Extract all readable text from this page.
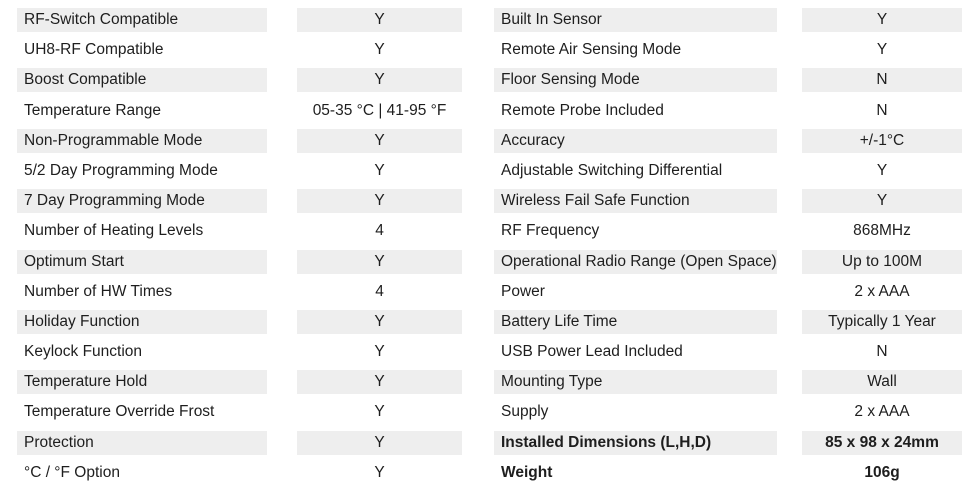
RF-Switch Compatible	Y
UH8-RF Compatible	Y
Boost Compatible	Y
Temperature Range	05-35 °C | 41-95 °F
Non-Programmable Mode	Y
5/2 Day Programming Mode	Y
7 Day Programming Mode	Y
Number of Heating Levels	4
Optimum Start	Y
Number of HW Times	4
Holiday Function	Y
Keylock Function	Y
Temperature Hold	Y
Temperature Override Frost	Y
Protection	Y
°C / °F Option	Y
Built In Sensor	Y
Remote Air Sensing Mode	Y
Floor Sensing Mode	N
Remote Probe Included	N
Accuracy	+/-1°C
Adjustable Switching Differential	Y
Wireless Fail Safe Function	Y
RF Frequency	868MHz
Operational Radio Range (Open Space)	Up to 100M
Power	2 x AAA
Battery Life Time	Typically 1 Year
USB Power Lead Included	N
Mounting Type	Wall
Supply	2 x AAA
Installed Dimensions (L,H,D)	85 x 98 x 24mm
Weight	106g
